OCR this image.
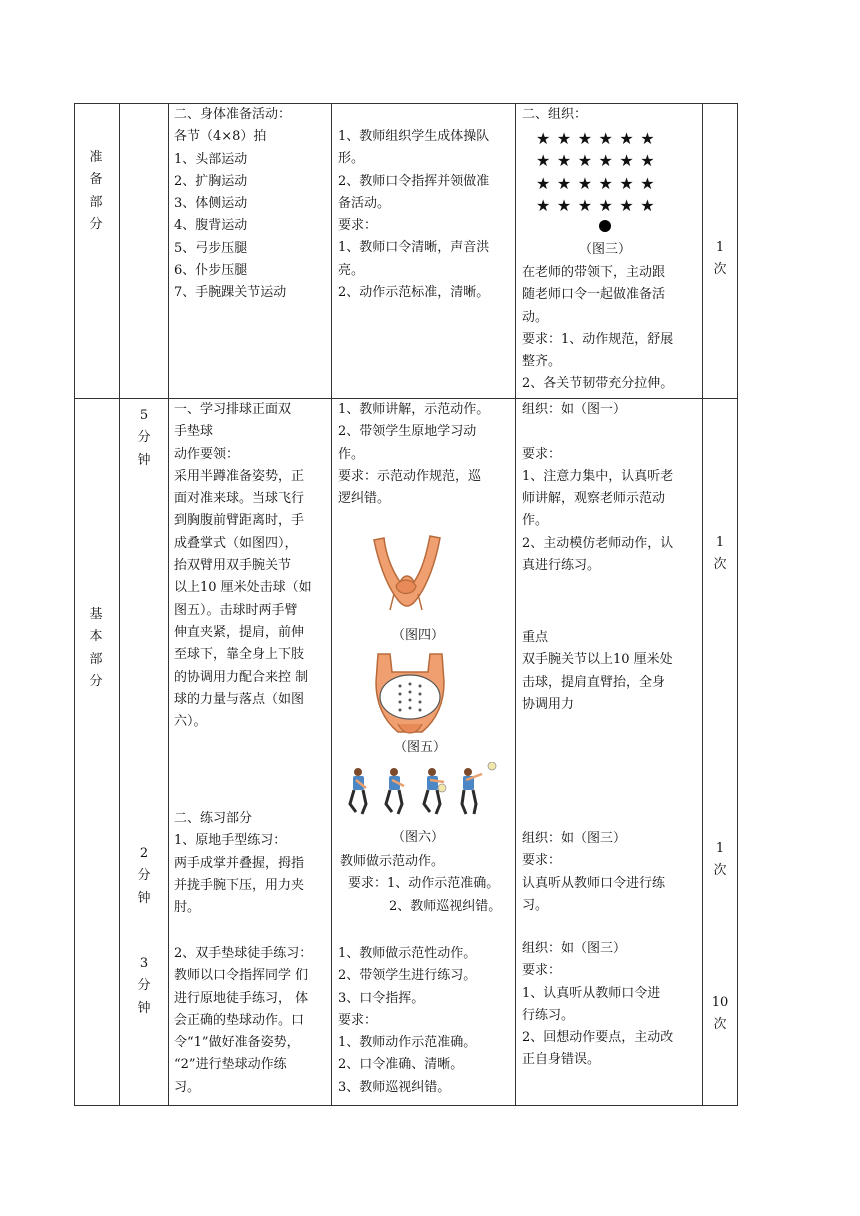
准
备
部
分
二、身体准备活动：
各节（4×8）拍
1、头部运动
2、扩胸运动
3、体侧运动
4、腹背运动
5、弓步压腿
6、仆步压腿
7、手腕踝关节运动
1、教师组织学生成体操队
形。
2、教师口令指挥并领做准
备活动。
要求：
1、教师口令清晰，声音洪
亮。
2、动作示范标准，清晰。
二、组织：
★★★★★★
★★★★★★
★★★★★★
★★★★★★
（图三）
在老师的带领下，主动跟
随老师口令一起做准备活
动。
要求：1、动作规范，舒展
整齐。
2、各关节韧带充分拉伸。
1
次
基
本
部
分
5
分
钟
2
分
钟
3
分
钟
一、学习排球正面双
手垫球
动作要领：
采用半蹲准备姿势，正
面对准来球。当球飞行
到胸腹前臂距离时，手
成叠掌式（如图四），
抬双臂用双手腕关节
以上10 厘米处击球（如
图五）。击球时两手臂
伸直夹紧，提肩，前伸
至球下，靠全身上下肢
的协调用力配合来控 制
球的力量与落点（如图
六）。
二、练习部分
1、原地手型练习：
两手成掌并叠握，拇指
并拢手腕下压，用力夹
肘。
2、双手垫球徒手练习：
教师以口令指挥同学 们
进行原地徒手练习， 体
会正确的垫球动作。口
令“1”做好准备姿势，
“2”进行垫球动作练
习。
1、教师讲解，示范动作。
2、带领学生原地学习动
作。
要求：示范动作规范，巡
逻纠错。
（图四）
（图五）
（图六）
教师做示范动作。
要求：1、动作示范准确。
2、教师巡视纠错。
1、教师做示范性动作。
2、带领学生进行练习。
3、口令指挥。
要求：
1、教师动作示范准确。
2、口令准确、清晰。
3、教师巡视纠错。
组织：如（图一）
要求：
1、注意力集中，认真听老
师讲解，观察老师示范动
作。
2、主动模仿老师动作，认
真进行练习。
重点
双手腕关节以上10 厘米处
击球，提肩直臂抬，全身
协调用力
组织：如（图三）
要求：
认真听从教师口令进行练
习。
组织：如（图三）
要求：
1、认真听从教师口令进
行练习。
2、回想动作要点，主动改
正自身错误。
1
次
1
次
10
次
